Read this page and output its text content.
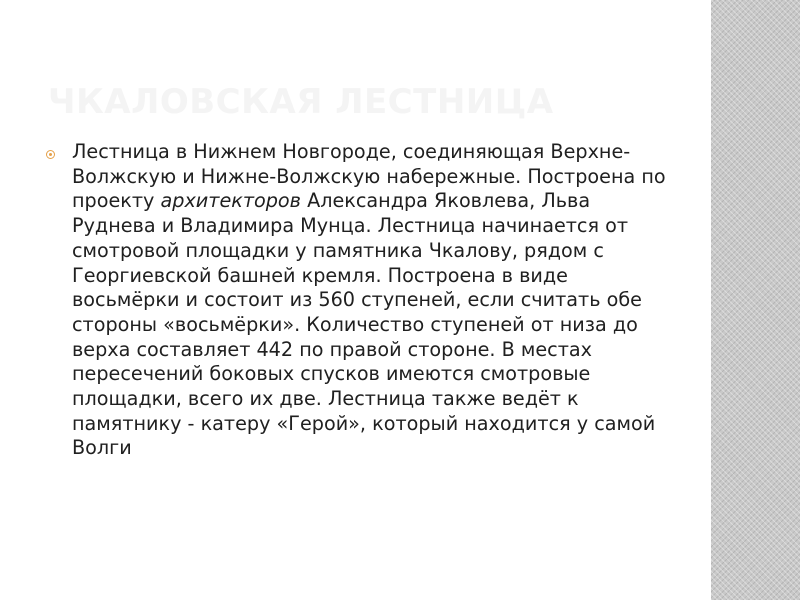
ЧКАЛОВСКАЯ ЛЕСТНИЦА

Лестница в Нижнем Новгороде, соединяющая Верхне-Волжскую и Нижне-Волжскую набережные. Построена по проекту архитекторов Александра Яковлева, Льва Руднева и Владимира Мунца. Лестница начинается от смотровой площадки у памятника Чкалову, рядом с Георгиевской башней кремля. Построена в виде восьмёрки и состоит из 560 ступеней, если считать обе стороны «восьмёрки». Количество ступеней от низа до верха составляет 442 по правой стороне. В местах пересечений боковых спусков имеются смотровые площадки, всего их две. Лестница также ведёт к памятнику - катеру «Герой», который находится у самой Волги
